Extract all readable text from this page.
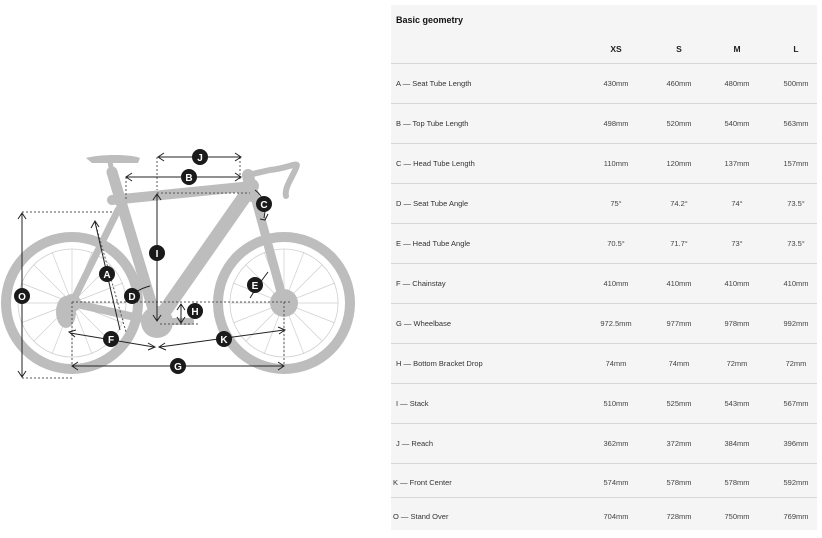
J
B
C
I
A
E
D
O
H
F	K
G
Basic geometry
XS	S	M	L
A — Seat Tube Length	430mm	460mm	480mm	500mm
B — Top Tube Length	498mm	520mm	540mm	563mm
C — Head Tube Length	110mm	120mm	137mm	157mm
D — Seat Tube Angle	75°	74.2°	74°	73.5°
E — Head Tube Angle	70.5°	71.7°	73°	73.5°
F — Chainstay	410mm	410mm	410mm	410mm
G — Wheelbase	972.5mm	977mm	978mm	992mm
H — Bottom Bracket Drop	74mm	74mm	72mm	72mm
I — Stack	510mm	525mm	543mm	567mm
J — Reach	362mm	372mm	384mm	396mm
K — Front Center	574mm	578mm	578mm	592mm
O — Stand Over	704mm	728mm	750mm	769mm
